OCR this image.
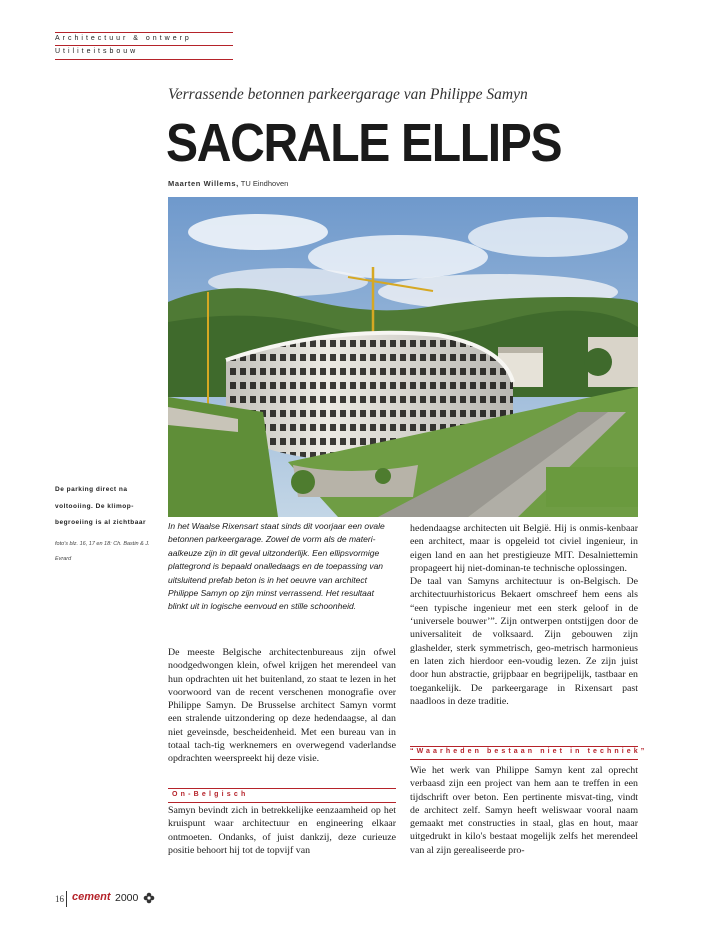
Architectuur & ontwerp
Utiliteitsbouw
Verrassende betonnen parkeergarage van Philippe Samyn
SACRALE ELLIPS
Maarten Willems, TU Eindhoven
De parking direct na voltooiing. De klimop-begroeiing is al zichtbaar
foto's blz. 16, 17 en 18: Ch. Bastin & J. Evrard
In het Waalse Rixensart staat sinds dit voorjaar een ovale betonnen parkeergarage. Zowel de vorm als de materi-aalkeuze zijn in dit geval uitzonderlijk. Een ellipsvormige plattegrond is bepaald onalledaags en de toepassing van uitsluitend prefab beton is in het oeuvre van architect Philippe Samyn op zijn minst verrassend. Het resultaat blinkt uit in logische eenvoud en stille schoonheid.

De meeste Belgische architectenbureaus zijn ofwel noodgedwongen klein, ofwel krijgen het merendeel van hun opdrachten uit het buitenland, zo staat te lezen in het voorwoord van de recent verschenen monografie over Philippe Samyn. De Brusselse architect Samyn vormt een stralende uitzondering op deze hedendaagse, al dan niet geveinsde, bescheidenheid. Met een bureau van in totaal tach-tig werknemers en overwegend vaderlandse opdrachten weerspreekt hij deze visie.

On-Belgisch

Samyn bevindt zich in betrekkelijke eenzaamheid op het kruispunt waar architectuur en engineering elkaar ontmoeten. Ondanks, of juist dankzij, deze curieuze positie behoort hij tot de topvijf van

hedendaagse architecten uit België. Hij is onmis-kenbaar een architect, maar is opgeleid tot civiel ingenieur, in eigen land en aan het prestigieuze MIT. Desalniettemin propageert hij niet-dominan-te technische oplossingen.

De taal van Samyns architectuur is on-Belgisch. De architectuurhistoricus Bekaert omschreef hem eens als “een typische ingenieur met een sterk geloof in de ‘universele bouwer’”. Zijn ontwerpen ontstijgen door de universaliteit de volksaard. Zijn gebouwen zijn glashelder, sterk symmetrisch, geo-metrisch harmonieus en laten zich hierdoor een-voudig lezen. Ze zijn juist door hun abstractie, grijpbaar en begrijpelijk, tastbaar en toegankelijk. De parkeergarage in Rixensart past naadloos in deze traditie.

“Waarheden bestaan niet in techniek”

Wie het werk van Philippe Samyn kent zal oprecht verbaasd zijn een project van hem aan te treffen in een tijdschrift over beton. Een pertinente misvat-ting, vindt de architect zelf. Samyn heeft weliswaar vooral naam gemaakt met constructies in staal, glas en hout, maar uitgedrukt in kilo's bestaat mogelijk zelfs het merendeel van al zijn gerealiseerde pro-

16 cement 2000
